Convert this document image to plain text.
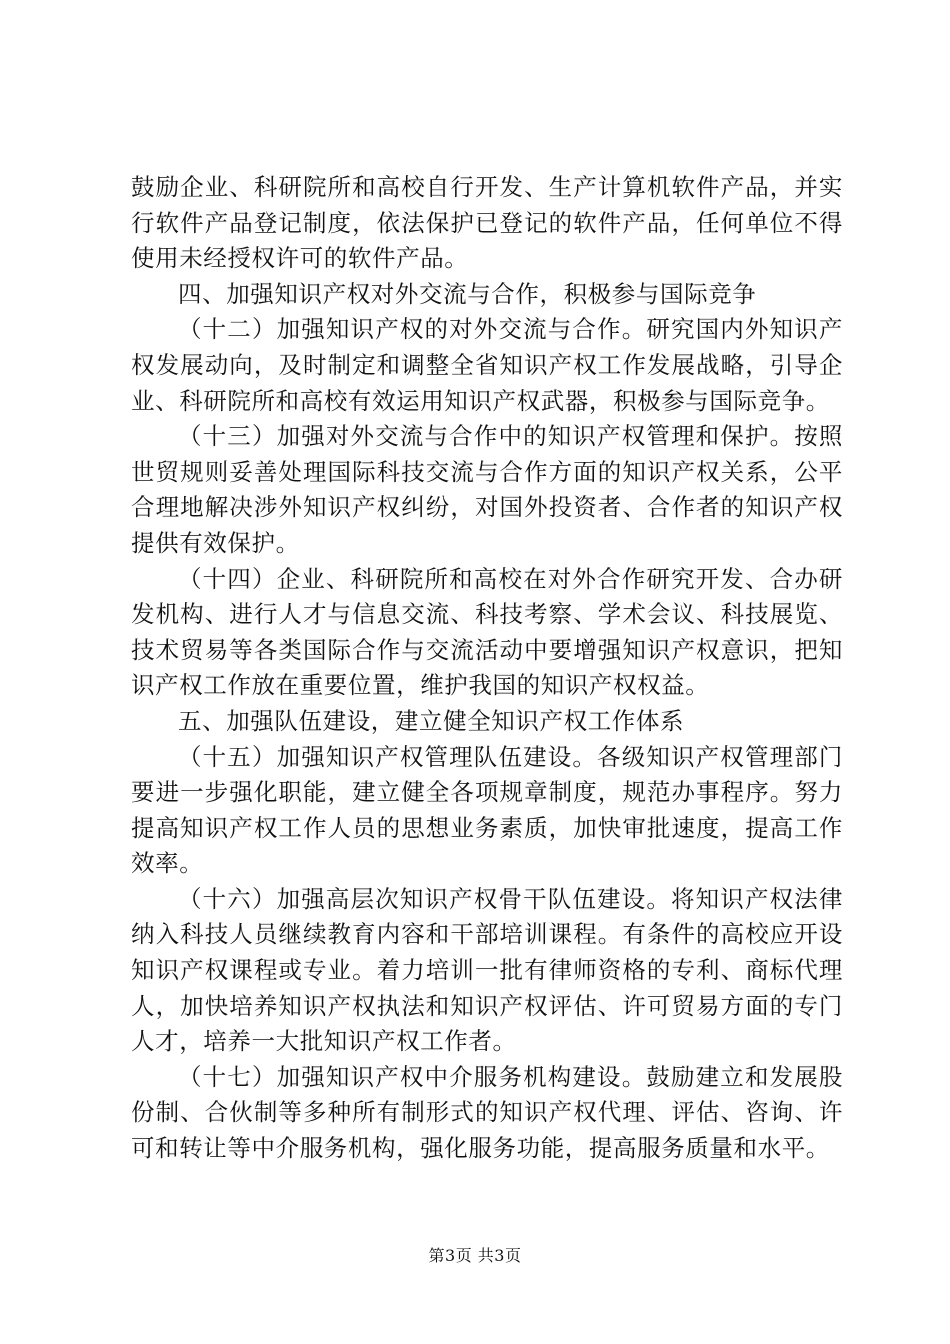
鼓励企业、科研院所和高校自行开发、生产计算机软件产品，并实行软件产品登记制度，依法保护已登记的软件产品，任何单位不得使用未经授权许可的软件产品。

四、加强知识产权对外交流与合作，积极参与国际竞争

（十二）加强知识产权的对外交流与合作。研究国内外知识产权发展动向，及时制定和调整全省知识产权工作发展战略，引导企业、科研院所和高校有效运用知识产权武器，积极参与国际竞争。

（十三）加强对外交流与合作中的知识产权管理和保护。按照世贸规则妥善处理国际科技交流与合作方面的知识产权关系，公平合理地解决涉外知识产权纠纷，对国外投资者、合作者的知识产权提供有效保护。

（十四）企业、科研院所和高校在对外合作研究开发、合办研发机构、进行人才与信息交流、科技考察、学术会议、科技展览、技术贸易等各类国际合作与交流活动中要增强知识产权意识，把知识产权工作放在重要位置，维护我国的知识产权权益。

五、加强队伍建设，建立健全知识产权工作体系

（十五）加强知识产权管理队伍建设。各级知识产权管理部门要进一步强化职能，建立健全各项规章制度，规范办事程序。努力提高知识产权工作人员的思想业务素质，加快审批速度，提高工作效率。

（十六）加强高层次知识产权骨干队伍建设。将知识产权法律纳入科技人员继续教育内容和干部培训课程。有条件的高校应开设知识产权课程或专业。着力培训一批有律师资格的专利、商标代理人，加快培养知识产权执法和知识产权评估、许可贸易方面的专门人才，培养一大批知识产权工作者。

（十七）加强知识产权中介服务机构建设。鼓励建立和发展股份制、合伙制等多种所有制形式的知识产权代理、评估、咨询、许可和转让等中介服务机构，强化服务功能，提高服务质量和水平。

第3页 共3页
